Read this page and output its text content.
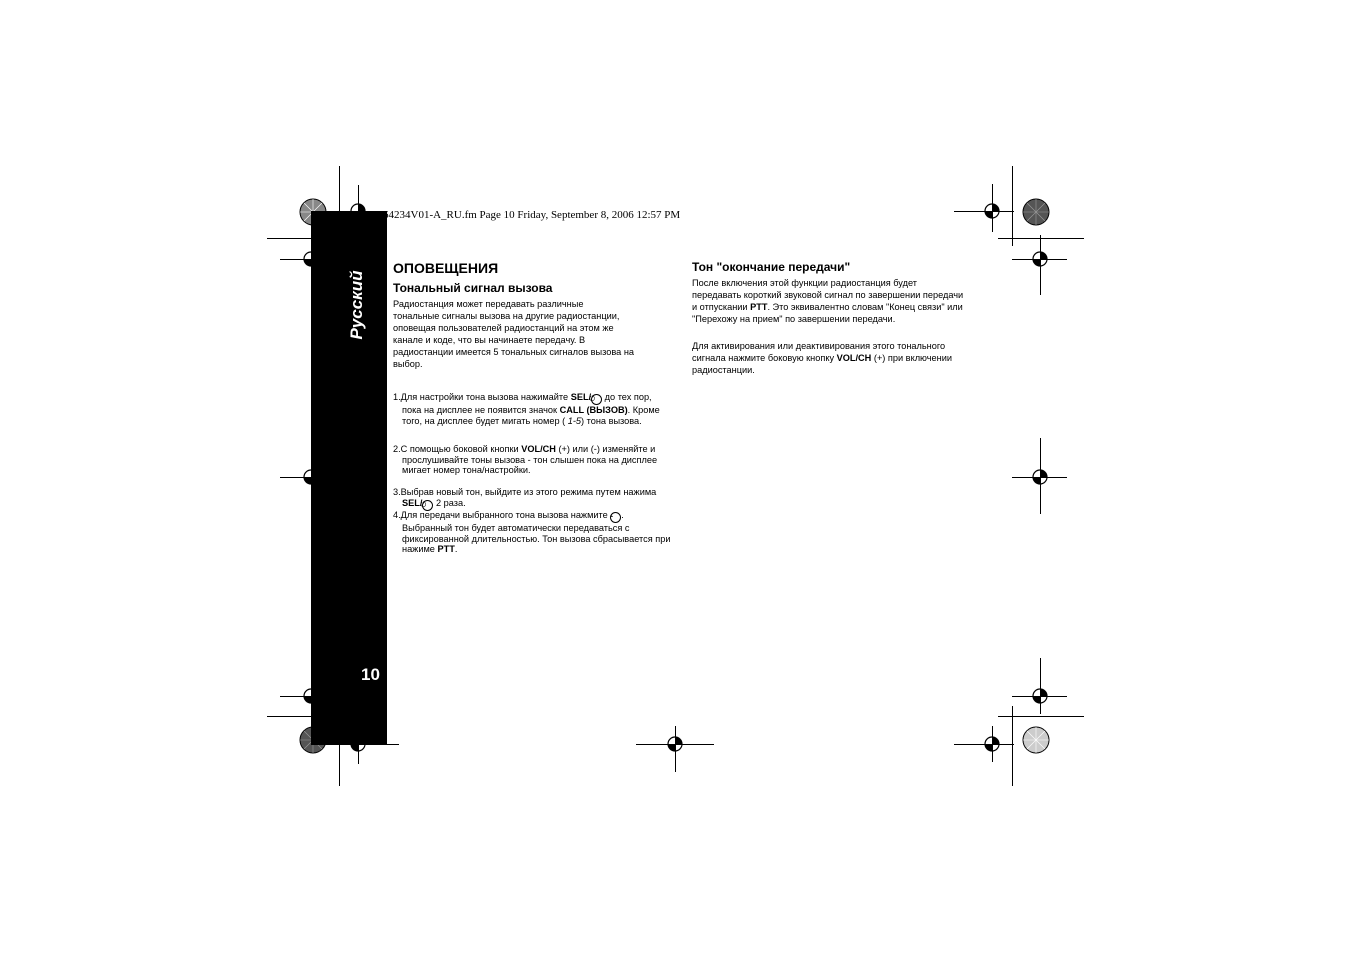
Русский
10
64234V01-A_RU.fm Page 10 Friday, September 8, 2006 12:57 PM
ОПОВЕЩЕНИЯ
Тональный сигнал вызова
Радиостанция может передавать различные
тональные сигналы вызова на другие радиостанции,
оповещая пользователей радиостанций на этом же
канале и коде, что вы начинаете передачу. В
радиостанции имеется 5 тональных сигналов вызова на
выбор.
1.Для настройки тона вызова нажимайте SEL/⏻ до тех пор, пока на дисплее не появится значок CALL (ВЫЗОВ). Кроме того, на дисплее будет мигать номер ( 1-5) тона вызова.
2.С помощью боковой кнопки VOL/CH (+) или (-) изменяйте и прослушивайте тоны вызова - тон слышен пока на дисплее мигает номер тона/настройки.
3.Выбрав новый тон, выйдите из этого режима путем нажима SEL/⏻ 2 раза.
4.Для передачи выбранного тона вызова нажмите ◔ . Выбранный тон будет автоматически передаваться с фиксированной длительностью. Тон вызова сбрасывается при нажиме PTT.
Тон "окончание передачи"
После включения этой функции радиостанция будет передавать короткий звуковой сигнал по завершении передачи и отпускании PTT. Это эквивалентно словам "Конец связи" или "Перехожу на прием" по завершении передачи.
Для активирования или деактивирования этого тонального сигнала нажмите боковую кнопку VOL/CH (+) при включении радиостанции.
